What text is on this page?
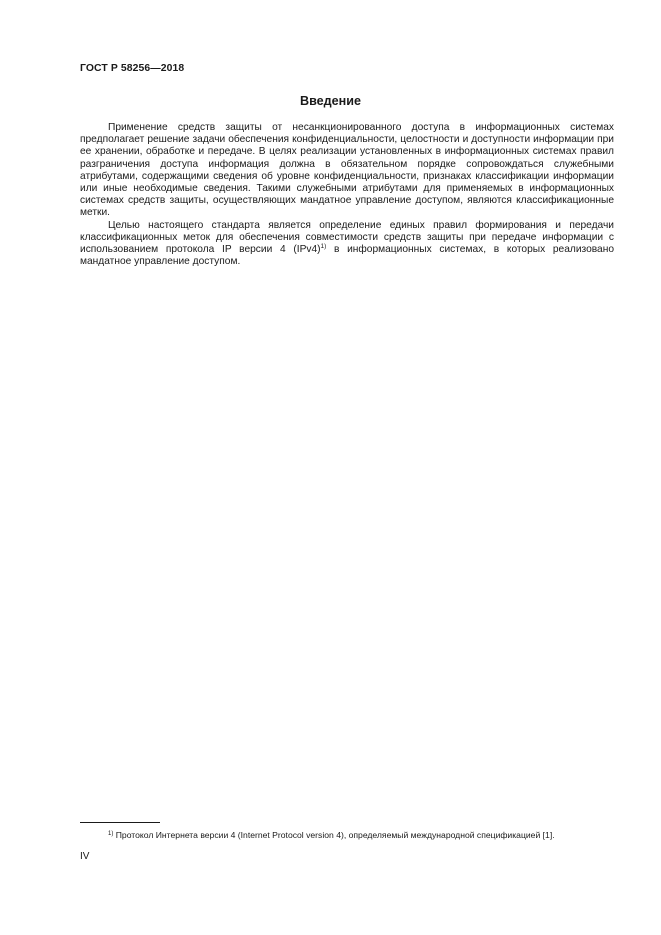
ГОСТ Р 58256—2018
Введение

Применение средств защиты от несанкционированного доступа в информационных системах предполагает решение задачи обеспечения конфиденциальности, целостности и доступности информации при ее хранении, обработке и передаче. В целях реализации установленных в информационных системах правил разграничения доступа информация должна в обязательном порядке сопровождаться служебными атрибутами, содержащими сведения об уровне конфиденциальности, признаках классификации информации или иные необходимые сведения. Такими служебными атрибутами для применяемых в информационных системах средств защиты, осуществляющих мандатное управление доступом, являются классификационные метки.

Целью настоящего стандарта является определение единых правил формирования и передачи классификационных меток для обеспечения совместимости средств защиты при передаче информации с использованием протокола IP версии 4 $(IPv4)^{1)}$ в информационных системах, в которых реализовано мандатное управление доступом.

$^{1)}$ Протокол Интернета версии 4 (Internet Protocol version 4), определяемый международной спецификацией [1].
IV
